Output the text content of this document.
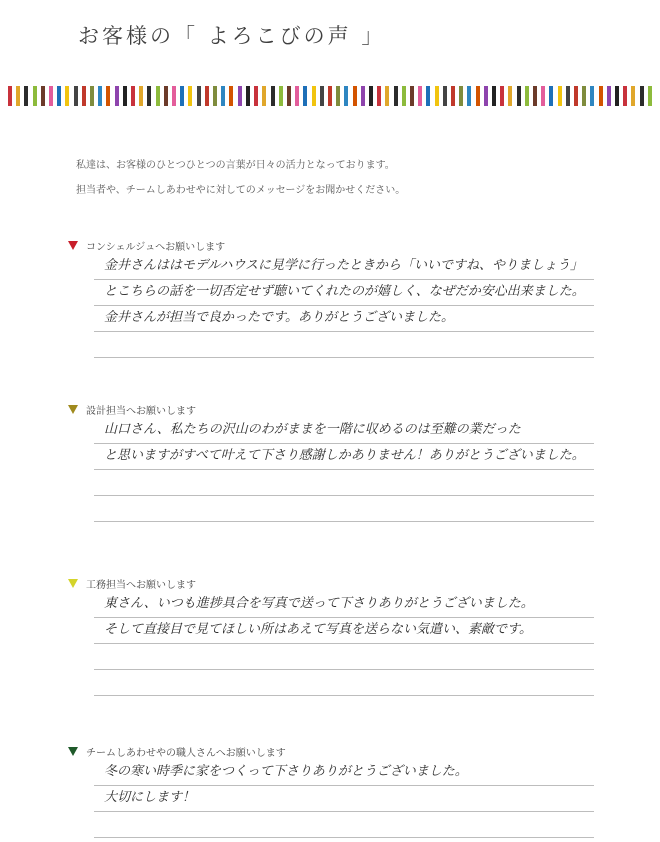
お客様の「 よろこびの声 」
私達は、お客様のひとつひとつの言葉が日々の活力となっております。
担当者や、チームしあわせやに対してのメッセージをお聞かせください。
コンシェルジュへお願いします
金井さんははモデルハウスに見学に行ったときから「いいですね、やりましょう」
とこちらの話を一切否定せず聴いてくれたのが嬉しく、なぜだか安心出来ました。
金井さんが担当で良かったです。ありがとうございました。
設計担当へお願いします
山口さん、私たちの沢山のわがままを一階に収めるのは至難の業だった
と思いますがすべて叶えて下さり感謝しかありません！ありがとうございました。
工務担当へお願いします
東さん、いつも進捗具合を写真で送って下さりありがとうございました。
そして直接目で見てほしい所はあえて写真を送らない気遣い、素敵です。
チームしあわせやの職人さんへお願いします
冬の寒い時季に家をつくって下さりありがとうございました。
大切にします！
